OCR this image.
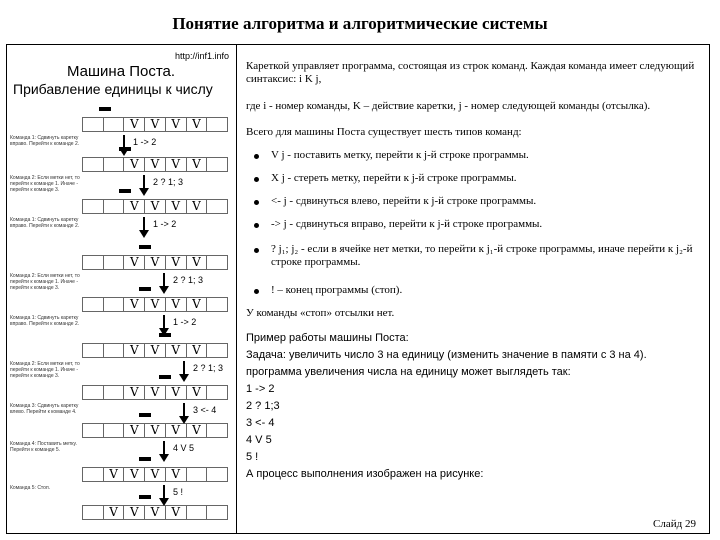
Понятие алгоритма и алгоритмические системы
http://inf1.info
Машина Поста.
Прибавление единицы к числу
V	V	V	V
V	V	V	V
V	V	V	V
V	V	V	V
V	V	V	V
V	V	V	V
V	V	V	V
V	V	V	V
V	V	V	V
V	V	V	V
1 -> 2
Команда 1: Сдвинуть каретку вправо. Перейти к команде 2.
2 ? 1; 3
Команда 2: Если метки нет, то перейти к команде 1. Иначе - перейти к команде 3.
1 -> 2
Команда 1: Сдвинуть каретку вправо. Перейти к команде 2.
2 ? 1; 3
Команда 2: Если метки нет, то перейти к команде 1. Иначе - перейти к команде 3.
1 -> 2
Команда 1: Сдвинуть каретку вправо. Перейти к команде 2.
2 ? 1; 3
Команда 2: Если метки нет, то перейти к команде 1. Иначе - перейти к команде 3.
3 <- 4
Команда 3: Сдвинуть каретку влево. Перейти к команде 4.
4 V 5
Команда 4: Поставить метку. Перейти к команде 5.
5 !
Команда 5: Стоп.
Кареткой управляет программа, состоящая из строк команд. Каждая команда имеет следующий синтаксис: i K j,
где i - номер команды, K – действие каретки, j - номер следующей команды (отсылка).
Всего для машины Поста существует шесть типов команд:
V j - поставить метку, перейти к j-й строке программы.
X j - стереть метку, перейти к j-й строке программы.
<- j - сдвинуться влево, перейти к j-й строке программы.
-> j - сдвинуться вправо, перейти к j-й строке программы.
? j₁; j₂ - если в ячейке нет метки, то перейти к j₁-й строке программы, иначе перейти к j₂-й строке программы.
! – конец программы (стоп).
У команды «стоп» отсылки нет.
Пример работы машины Поста:
Задача: увеличить число 3 на единицу (изменить значение в памяти с 3 на 4).
программа увеличения числа на единицу может выглядеть так:
1 -> 2
2 ? 1;3
3 <- 4
4 V 5
5 !
А процесс выполнения изображен на рисунке:
Слайд 29
